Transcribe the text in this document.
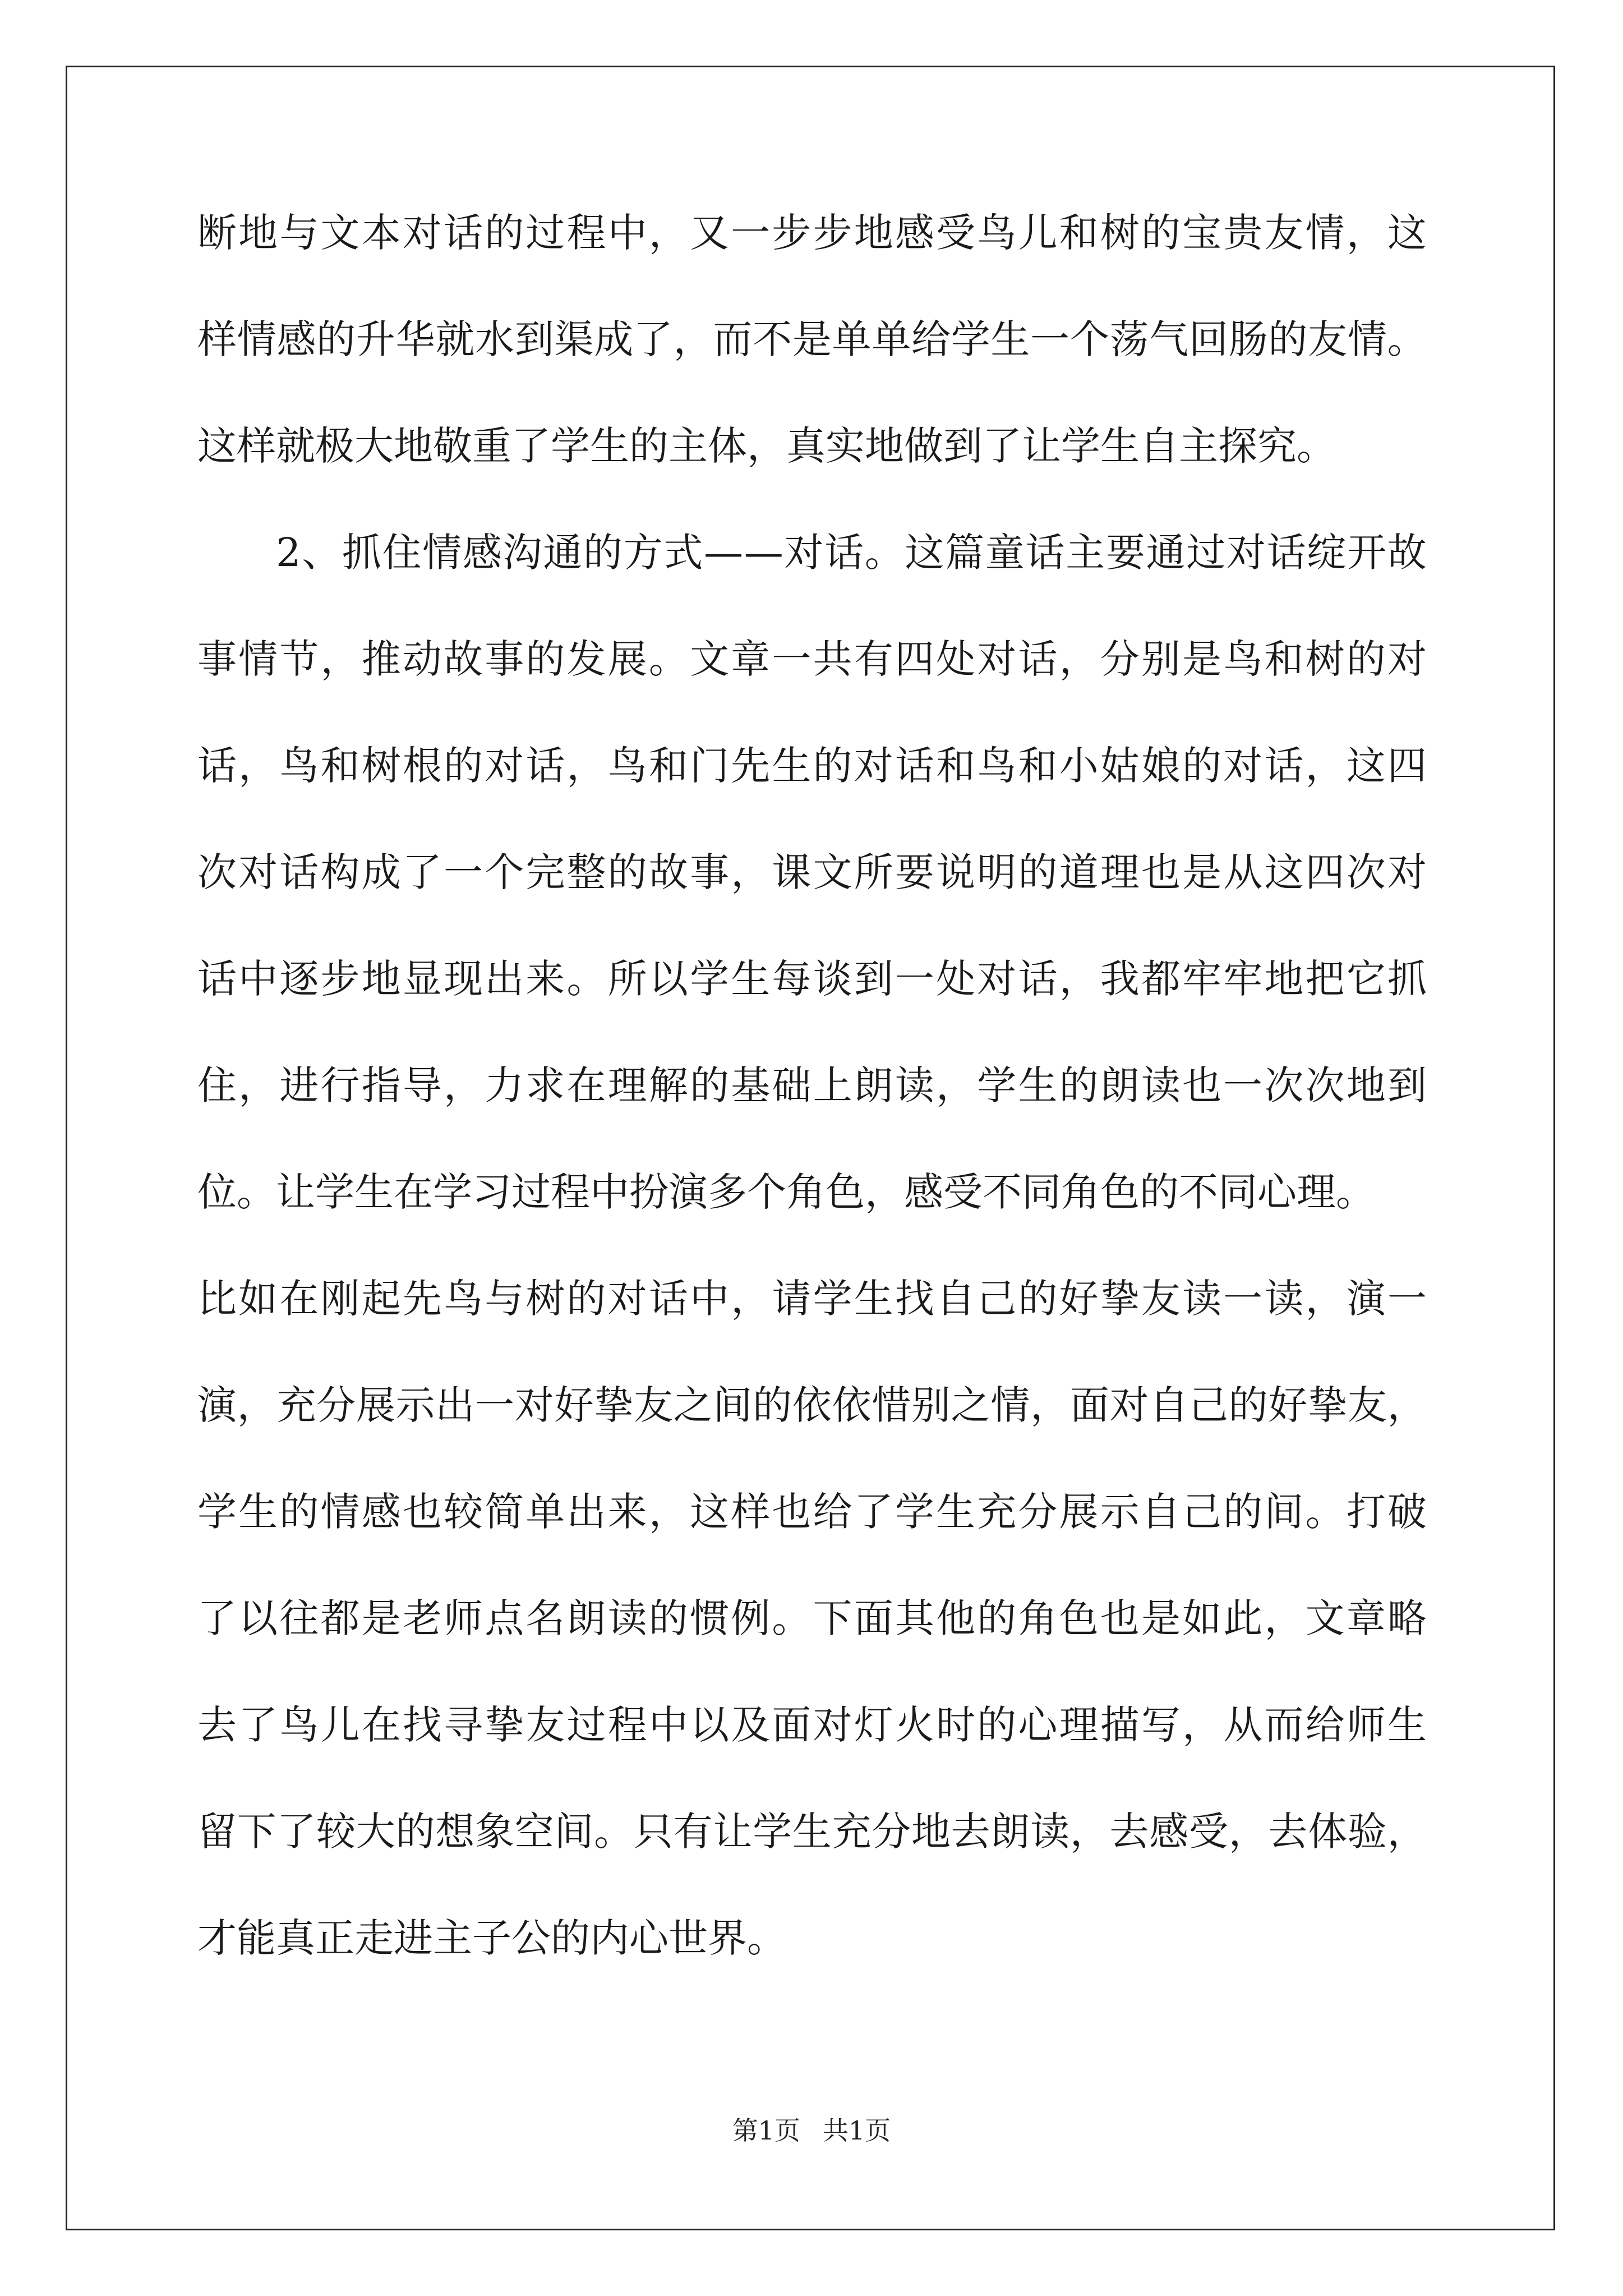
断 地 与 文 本 对 话 的 过 程 中 ， 又 一 步 步 地 感 受 鸟 儿 和 树 的 宝 贵 友 情 ， 这
样 情 感 的 升 华 就 水 到 渠 成 了 ， 而 不 是 单 单 给 学 生 一 个 荡 气 回 肠 的 友 情 。
这样就极大地敬重了学生的主体，真实地做到了让学生自主探究。
2 、 抓 住 情 感 沟 通 的 方 式 — — 对 话 。 这 篇 童 话 主 要 通 过 对 话 绽 开 故
事 情 节 ， 推 动 故 事 的 发 展 。 文 章 一 共 有 四 处 对 话 ， 分 别 是 鸟 和 树 的 对
话 ， 鸟 和 树 根 的 对 话 ， 鸟 和 门 先 生 的 对 话 和 鸟 和 小 姑 娘 的 对 话 ， 这 四
次 对 话 构 成 了 一 个 完 整 的 故 事 ， 课 文 所 要 说 明 的 道 理 也 是 从 这 四 次 对
话 中 逐 步 地 显 现 出 来 。 所 以 学 生 每 谈 到 一 处 对 话 ， 我 都 牢 牢 地 把 它 抓
住 ， 进 行 指 导 ， 力 求 在 理 解 的 基 础 上 朗 读 ， 学 生 的 朗 读 也 一 次 次 地 到
位。让学生在学习过程中扮演多个角色，感受不同角色的不同心理。
比 如 在 刚 起 先 鸟 与 树 的 对 话 中 ， 请 学 生 找 自 己 的 好 挚 友 读 一 读 ， 演 一
演 ， 充 分 展 示 出 一 对 好 挚 友 之 间 的 依 依 惜 别 之 情 ， 面 对 自 己 的 好 挚 友 ，
学 生 的 情 感 也 较 简 单 出 来 ， 这 样 也 给 了 学 生 充 分 展 示 自 己 的 间 。 打 破
了 以 往 都 是 老 师 点 名 朗 读 的 惯 例 。 下 面 其 他 的 角 色 也 是 如 此 ， 文 章 略
去 了 鸟 儿 在 找 寻 挚 友 过 程 中 以 及 面 对 灯 火 时 的 心 理 描 写 ， 从 而 给 师 生
留 下 了 较 大 的 想 象 空 间 。 只 有 让 学 生 充 分 地 去 朗 读 ， 去 感 受 ， 去 体 验 ，
才能真正走进主子公的内心世界。
第1页 共1页
